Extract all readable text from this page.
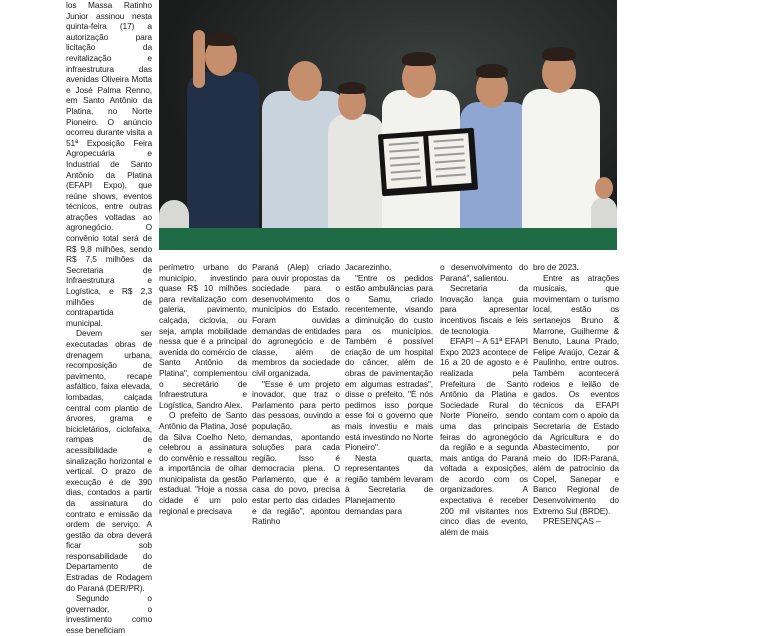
los Massa Ratinho Junior assinou nesta quinta-feira (17) a autorização para licitação da revitalização e infraestrutura das avenidas Oliveira Motta e José Palma Renno, em Santo Antônio da Platina, no Norte Pioneiro. O anúncio ocorreu durante visita a 51ª Exposição Feira Agropecuária e Industrial de Santo Antônio da Platina (EFAPI Expo), que reúne shows, eventos técnicos, entre outras atrações voltadas ao agronegócio. O convênio total será de R$ 9,8 milhões, sendo R$ 7,5 milhões da Secretaria de Infraestrutura e Logística, e R$ 2,3 milhões de contrapartida municipal.

Devem ser executadas obras de drenagem urbana, recomposição de pavimento, recape asfáltico, faixa elevada, lombadas, calçada central com plantio de árvores, grama e bicicletários, ciclofaixa, rampas de acessibilidade e sinalização horizontal e vertical. O prazo de execução é de 390 dias, contados a partir da assinatura do contrato e emissão da ordem de serviço. A gestão da obra deverá ficar sob responsabilidade do Departamento de Estradas de Rodagem do Paraná (DER/PR).

Segundo o governador, o investimento como esse beneficiam

perímetro urbano do município, investindo quase R$ 10 milhões para revitalização com galeria, pavimento, calçada, ciclovia, ou seja, ampla mobilidade nessa que é a principal avenida do comércio de Santo Antônio da Platina", complementou o secretário de Infraestrutura e Logística, Sandro Alex.

O prefeito de Santo Antônio da Platina, José da Silva Coelho Neto, celebrou a assinatura do convênio e ressaltou a importância de olhar municipalista da gestão estadual. "Hoje a nossa cidade é um polo regional e precisava

Paraná (Alep) criado para ouvir propostas da sociedade para o desenvolvimento dos municípios do Estado. Foram ouvidas demandas de entidades do agronegócio e de classe, além de membros da sociedade civil organizada.

"Esse é um projeto inovador, que traz o Parlamento para perto das pessoas, ouvindo a população, as demandas, apontando soluções para cada região. Isso é democracia plena. O Parlamento, que é a casa do povo, precisa estar perto das cidades e da região", apontou Ratinho

Jacarezinho.

"Entre os pedidos estão ambulâncias para o Samu, criado recentemente, visando a diminuição do custo para os municípios. Também é possível criação de um hospital do câncer, além de obras de pavimentação em algumas estradas", disse o prefeito. "É nós pedimos isso porque esse foi o governo que mais investiu e mais está investindo no Norte Pioneiro".

Nesta quarta, representantes da região também levaram à Secretaria de Planejamento demandas para

o desenvolvimento do Paraná", salientou.

Secretaria da Inovação lança guia para apresentar incentivos fiscais e leis de tecnologia

EFAPI – A 51ª EFAPI Expo 2023 acontece de 16 a 20 de agosto e é realizada pela Prefeitura de Santo Antônio da Platina e Sociedade Rural do Norte Pioneiro, sendo uma das principais feiras do agronegócio da região e a segunda mais antiga do Paraná voltada a exposições, de acordo com os organizadores. A expectativa é receber 200 mil visitantes nos cinco dias de evento, além de mais

bro de 2023.

Entre as atrações musicais, que movimentam o turismo local, estão os sertanejos Bruno & Marrone, Guilherme & Benuto, Launa Prado, Felipe Araújo, Cezar & Paulinho, entre outros. Também acontecerá rodeios e leilão de gados. Os eventos técnicos da EFAPI contam com o apoio da Secretaria de Estado da Agricultura e do Abastecimento, por meio do IDR-Paraná, além de patrocínio da Copel, Sanepar e Banco Regional de Desenvolvimento do Extremo Sul (BRDE).

PRESENÇAS –
